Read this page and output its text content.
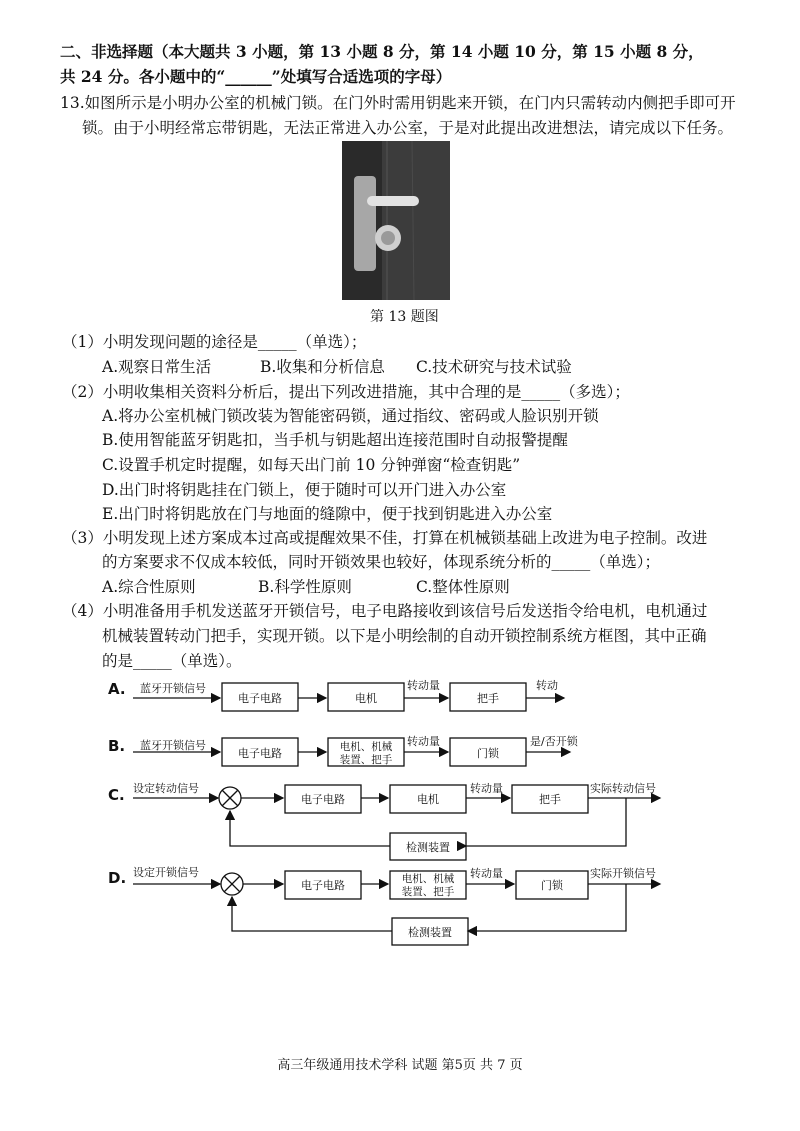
二、非选择题（本大题共 3 小题，第 13 小题 8 分，第 14 小题 10 分，第 15 小题 8 分，
共 24 分。各小题中的“______”处填写合适选项的字母）
13.如图所示是小明办公室的机械门锁。在门外时需用钥匙来开锁，在门内只需转动内侧把手即可开
锁。由于小明经常忘带钥匙，无法正常进入办公室，于是对此提出改进想法，请完成以下任务。
第 13 题图
（1）小明发现问题的途径是_____（单选）；
A.观察日常生活	B.收集和分析信息 C.技术研究与技术试验
（2）小明收集相关资料分析后，提出下列改进措施，其中合理的是_____（多选）；
A.将办公室机械门锁改装为智能密码锁，通过指纹、密码或人脸识别开锁
B.使用智能蓝牙钥匙扣，当手机与钥匙超出连接范围时自动报警提醒
C.设置手机定时提醒，如每天出门前 10 分钟弹窗“检查钥匙”
D.出门时将钥匙挂在门锁上，便于随时可以开门进入办公室
E.出门时将钥匙放在门与地面的缝隙中，便于找到钥匙进入办公室
（3）小明发现上述方案成本过高或提醒效果不佳，打算在机械锁基础上改进为电子控制。改进
的方案要求不仅成本较低，同时开锁效果也较好，体现系统分析的_____（单选）；
A.综合性原则	B.科学性原则	C.整体性原则
（4）小明准备用手机发送蓝牙开锁信号，电子电路接收到该信号后发送指令给电机，电机通过
机械装置转动门把手，实现开锁。以下是小明绘制的自动开锁控制系统方框图，其中正确
的是_____（单选）。
A. 蓝牙开锁信号
电子电路	电机
转动量
把手
转动
B. 蓝牙开锁信号
电子电路	电机、机械
装置、把手
转动量
门锁
是/否开锁
C. 设定转动信号
电子电路	电机
转动量
把手
实际转动信号
检测装置
D. 设定开锁信号
电子电路	电机、机械
装置、把手
转动量
门锁
实际开锁信号
检测装置
高三年级通用技术学科 试题 第5页 共 7 页
